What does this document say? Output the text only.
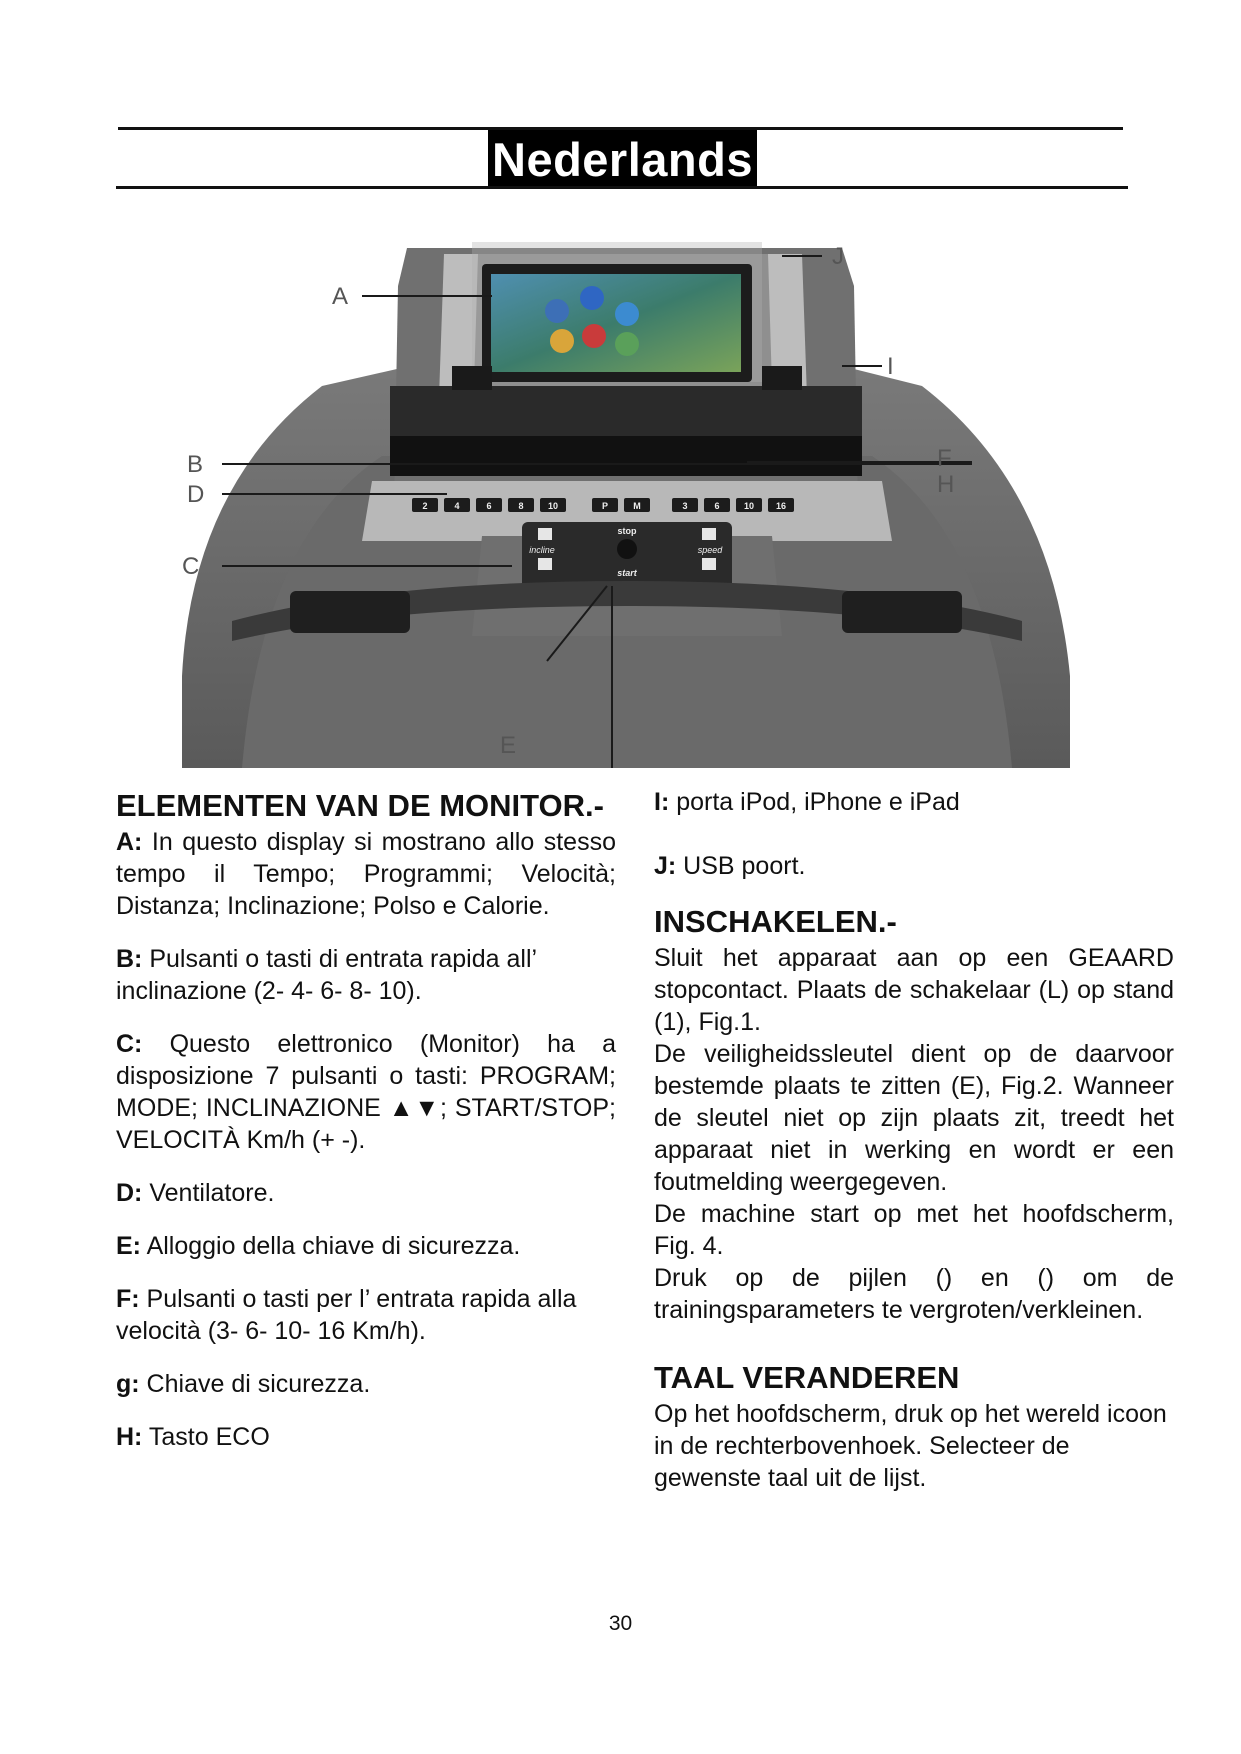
Nederlands
A
J
I
B
D
C
F
H
E
2	4	6	8	10	P	M	3	6	10 16
incline
stop
start
speed
ELEMENTEN VAN DE MONITOR.-

A: In questo display si mostrano allo stesso tempo il Tempo; Programmi; Velocità; Distanza; Inclinazione; Polso e Calorie.

B: Pulsanti o tasti di entrata rapida all’ inclinazione (2- 4- 6- 8- 10).

C: Questo elettronico (Monitor) ha a disposizione 7 pulsanti o tasti: PROGRAM; MODE; INCLINAZIONE ▲▼; START/STOP; VELOCITÀ Km/h (+ -).

D: Ventilatore.

E: Alloggio della chiave di sicurezza.

F: Pulsanti o tasti per l’ entrata rapida alla velocità (3- 6- 10- 16 Km/h).

g: Chiave di sicurezza.

H: Tasto ECO

I: porta iPod, iPhone e iPad

J: USB poort.

INSCHAKELEN.-

Sluit het apparaat aan op een GEAARD stopcontact. Plaats de schakelaar (L) op stand (1), Fig.1.

De veiligheidssleutel dient op de daarvoor bestemde plaats te zitten (E), Fig.2. Wanneer de sleutel niet op zijn plaats zit, treedt het apparaat niet in werking en wordt er een foutmelding weergegeven.

De machine start op met het hoofdscherm, Fig. 4.

Druk op de pijlen () en () om de trainingsparameters te vergroten/verkleinen.

TAAL VERANDEREN

Op het hoofdscherm, druk op het wereld icoon in de rechterbovenhoek. Selecteer de gewenste taal uit de lijst.

30
